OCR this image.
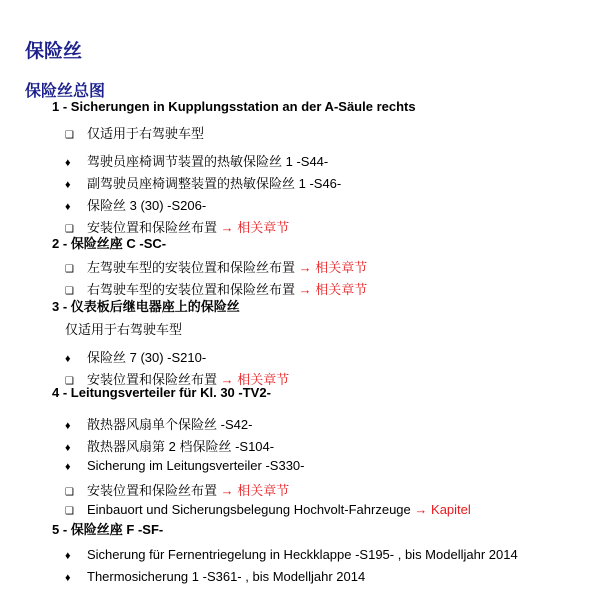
保险丝
保险丝总图
1 - Sicherungen in Kupplungsstation an der A-Säule rechts
❑ 仅适用于右驾驶车型
♦ 驾驶员座椅调节装置的热敏保险丝 1 -S44-
♦ 副驾驶员座椅调整装置的热敏保险丝 1 -S46-
♦ 保险丝 3 (30) -S206-
❑ 安装位置和保险丝布置 → 相关章节
2 - 保险丝座 C -SC-
❑ 左驾驶车型的安装位置和保险丝布置 → 相关章节
❑ 右驾驶车型的安装位置和保险丝布置 → 相关章节
3 - 仪表板后继电器座上的保险丝
仅适用于右驾驶车型
♦ 保险丝 7 (30) -S210-
❑ 安装位置和保险丝布置 → 相关章节
4 - Leitungsverteiler für Kl. 30 -TV2-
♦ 散热器风扇单个保险丝 -S42-
♦ 散热器风扇第 2 档保险丝 -S104-
♦ Sicherung im Leitungsverteiler -S330-
❑ 安装位置和保险丝布置 → 相关章节
❑ Einbauort und Sicherungsbelegung Hochvolt-Fahrzeuge → Kapitel
5 - 保险丝座 F -SF-
♦ Sicherung für Fernentriegelung in Heckklappe -S195- , bis Modelljahr 2014
♦ Thermosicherung 1 -S361- , bis Modelljahr 2014
